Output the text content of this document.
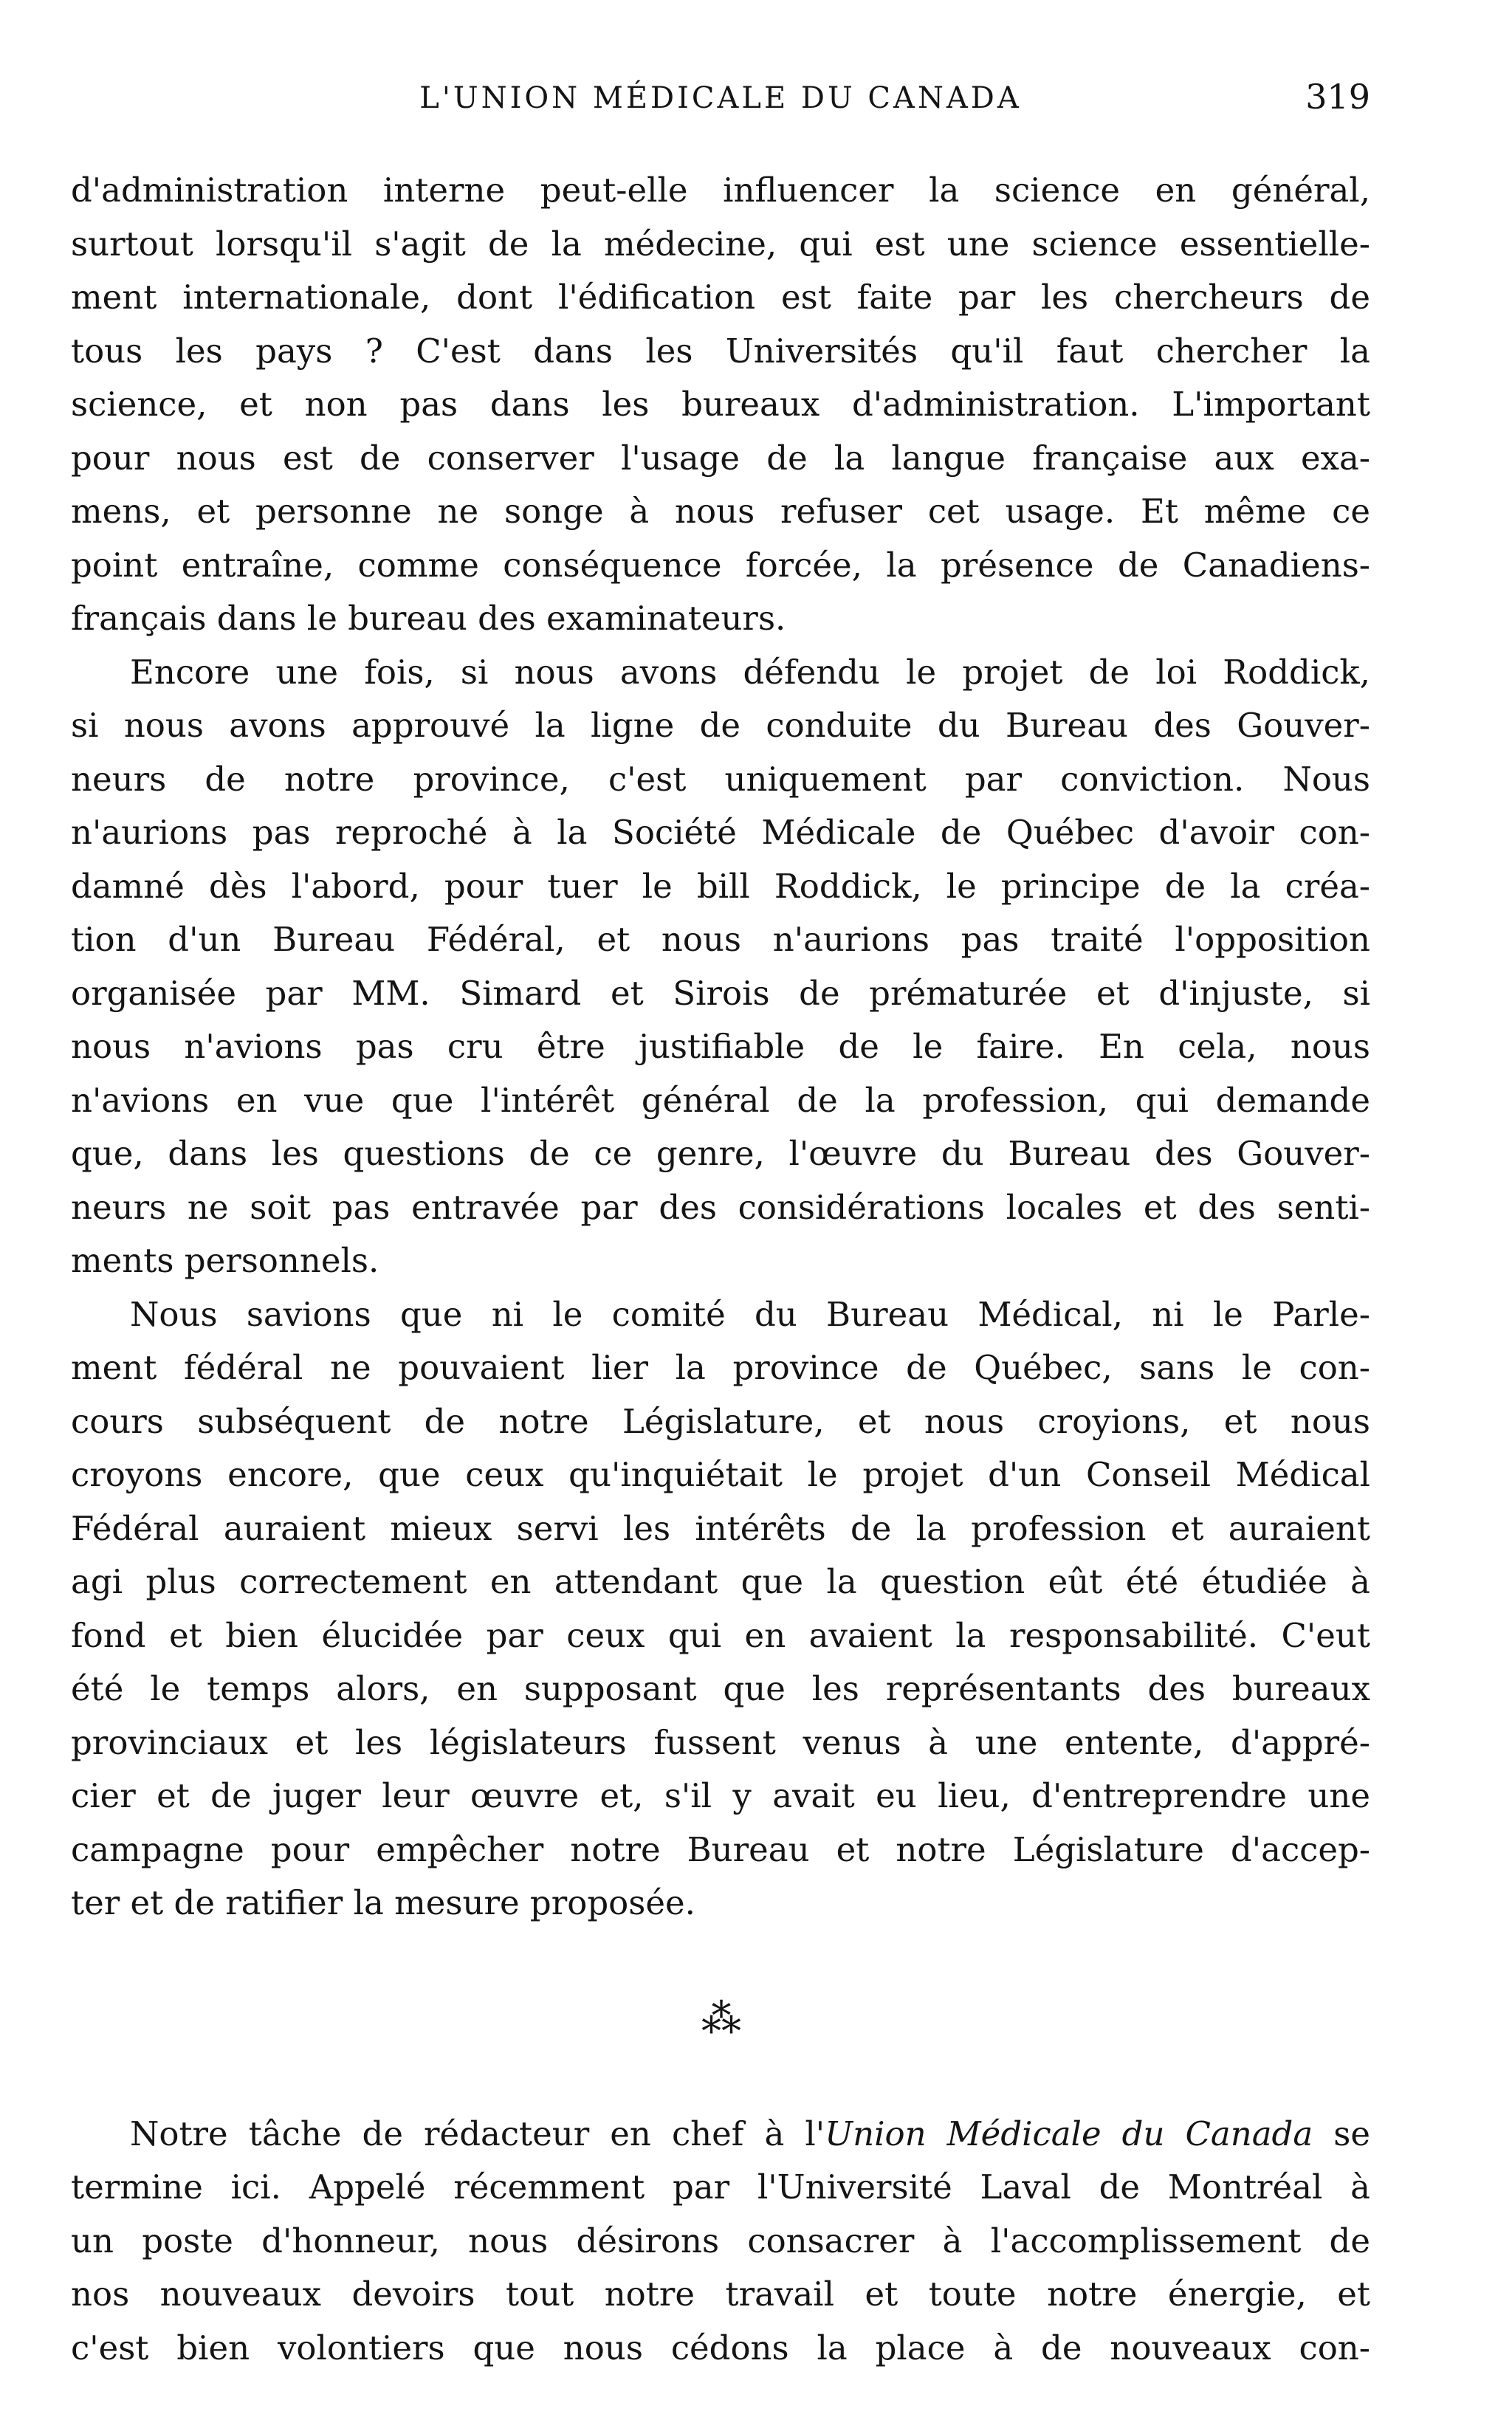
L'UNION MÉDICALE DU CANADA	319
d'administration interne peut-elle influencer la science en général,
surtout lorsqu'il s'agit de la médecine, qui est une science essentielle-
ment internationale, dont l'édification est faite par les chercheurs de
tous les pays ? C'est dans les Universités qu'il faut chercher la
science, et non pas dans les bureaux d'administration. L'important
pour nous est de conserver l'usage de la langue française aux exa-
mens, et personne ne songe à nous refuser cet usage. Et même ce
point entraîne, comme conséquence forcée, la présence de Canadiens-
français dans le bureau des examinateurs.
Encore une fois, si nous avons défendu le projet de loi Roddick,
si nous avons approuvé la ligne de conduite du Bureau des Gouver-
neurs de notre province, c'est uniquement par conviction. Nous
n'aurions pas reproché à la Société Médicale de Québec d'avoir con-
damné dès l'abord, pour tuer le bill Roddick, le principe de la créa-
tion d'un Bureau Fédéral, et nous n'aurions pas traité l'opposition
organisée par MM. Simard et Sirois de prématurée et d'injuste, si
nous n'avions pas cru être justifiable de le faire. En cela, nous
n'avions en vue que l'intérêt général de la profession, qui demande
que, dans les questions de ce genre, l'œuvre du Bureau des Gouver-
neurs ne soit pas entravée par des considérations locales et des senti-
ments personnels.
Nous savions que ni le comité du Bureau Médical, ni le Parle-
ment fédéral ne pouvaient lier la province de Québec, sans le con-
cours subséquent de notre Législature, et nous croyions, et nous
croyons encore, que ceux qu'inquiétait le projet d'un Conseil Médical
Fédéral auraient mieux servi les intérêts de la profession et auraient
agi plus correctement en attendant que la question eût été étudiée à
fond et bien élucidée par ceux qui en avaient la responsabilité. C'eut
été le temps alors, en supposant que les représentants des bureaux
provinciaux et les législateurs fussent venus à une entente, d'appré-
cier et de juger leur œuvre et, s'il y avait eu lieu, d'entreprendre une
campagne pour empêcher notre Bureau et notre Législature d'accep-
ter et de ratifier la mesure proposée.
⁂
Notre tâche de rédacteur en chef à l'Union Médicale du Canada se
termine ici. Appelé récemment par l'Université Laval de Montréal à
un poste d'honneur, nous désirons consacrer à l'accomplissement de
nos nouveaux devoirs tout notre travail et toute notre énergie, et
c'est bien volontiers que nous cédons la place à de nouveaux con-
